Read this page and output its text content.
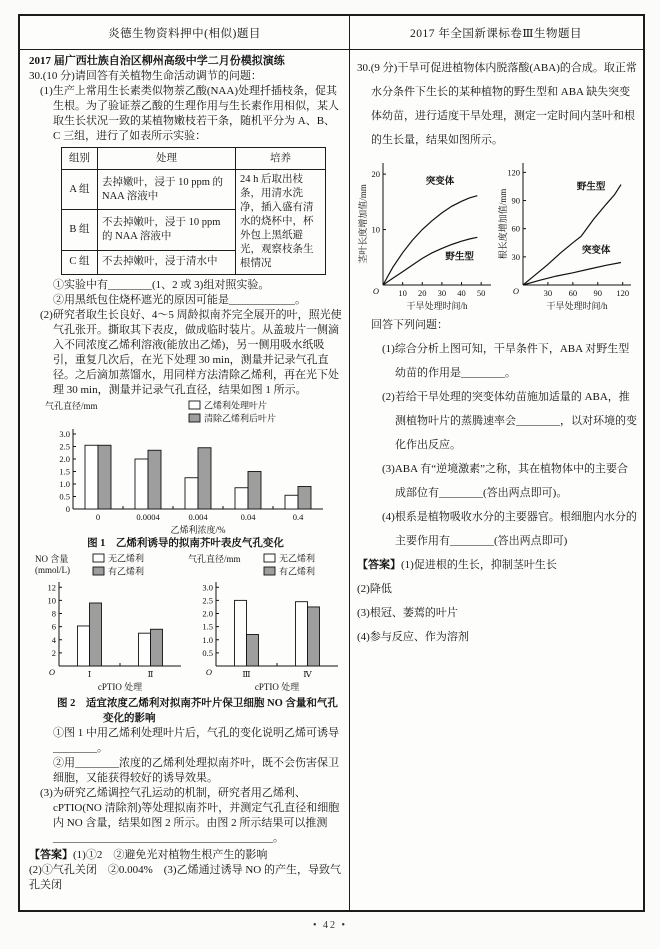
炎德生物资料押中(相似)题目	2017 年全国新课标卷Ⅲ生物题目
2017 届广西壮族自治区柳州高级中学二月份模拟演练
30.(10 分)请回答有关植物生命活动调节的问题：
(1)生产上常用生长素类似物萘乙酸(NAA)处理扦插枝条，促其生根。为了验证萘乙酸的生理作用与生长素作用相似，某人取生长状况一致的某植物嫩枝若干条，随机平分为 A、B、C 三组，进行了如表所示实验：
组别	处理	培养
A 组	去掉嫩叶，浸于 10 ppm 的 NAA 溶液中	24 h 后取出枝条，用清水洗净，插入盛有清水的烧杯中，杯外包上黑纸避光，观察枝条生根情况
B 组	不去掉嫩叶，浸于 10 ppm 的 NAA 溶液中	
C 组	不去掉嫩叶，浸于清水中	
①实验中有________(1、2 或 3)组对照实验。
②用黑纸包住烧杯遮光的原因可能是____________。
(2)研究者取生长良好、4～5 周龄拟南芥完全展开的叶，照光使气孔张开。撕取其下表皮，做成临时装片。从盖玻片一侧滴入不同浓度乙烯利溶液(能放出乙烯)，另一侧用吸水纸吸引，重复几次后，在光下处理 30 min，测量并记录气孔直径。之后滴加蒸馏水，用同样方法清除乙烯利，再在光下处理 30 min，测量并记录气孔直径，结果如图 1 所示。
0
0.5
1.0
1.5
2.0
2.5
3.0
气孔直径/mm
乙烯利浓度/%
0	0.0004	0.004	0.04	0.4
乙烯利处理叶片
清除乙烯利后叶片
图 1　乙烯利诱导的拟南芥叶表皮气孔变化
2
4
6
8
10
12
O
NO 含量
(mmol/L)
cPTIO 处理
Ⅰ	Ⅱ
无乙烯利
有乙烯利
0.5
1.0
1.5
2.0
2.5
3.0
O
气孔直径/mm
cPTIO 处理
Ⅲ	Ⅳ
无乙烯利
有乙烯利
图 2　适宜浓度乙烯利对拟南芥叶片保卫细胞 NO 含量和气孔变化的影响
①图 1 中用乙烯利处理叶片后，气孔的变化说明乙烯可诱导________。
②用________浓度的乙烯利处理拟南芥叶，既不会伤害保卫细胞，又能获得较好的诱导效果。
(3)为研究乙烯调控气孔运动的机制，研究者用乙烯利、cPTIO(NO 清除剂)等处理拟南芥叶，并测定气孔直径和细胞内 NO 含量，结果如图 2 所示。由图 2 所示结果可以推测________________________________________。
【答案】(1)①2　②避免光对植物生根产生的影响
(2)①气孔关闭　②0.004%　(3)乙烯通过诱导 NO 的产生，导致气孔关闭
30.(9 分)干旱可促进植物体内脱落酸(ABA)的合成。取正常水分条件下生长的某种植物的野生型和 ABA 缺失突变体幼苗，进行适度干旱处理，测定一定时间内茎叶和根的生长量，结果如图所示。
10
20
O
茎叶长度增加值/mm
干旱处理时间/h
10 20 30 40 50
突变体
野生型	30
60
90
120
O
根长度增加值/mm
干旱处理时间/h
30 60 90 120
野生型
突变体
回答下列问题：
(1)综合分析上图可知，干旱条件下，ABA 对野生型幼苗的作用是________。
(2)若给干旱处理的突变体幼苗施加适量的 ABA，推测植物叶片的蒸腾速率会________，以对环境的变化作出反应。
(3)ABA 有“逆境激素”之称，其在植物体中的主要合成部位有________(答出两点即可)。
(4)根系是植物吸收水分的主要器官。根细胞内水分的主要作用有________(答出两点即可)
【答案】(1)促进根的生长，抑制茎叶生长
(2)降低
(3)根冠、萎蔫的叶片
(4)参与反应、作为溶剂
• 42 •
